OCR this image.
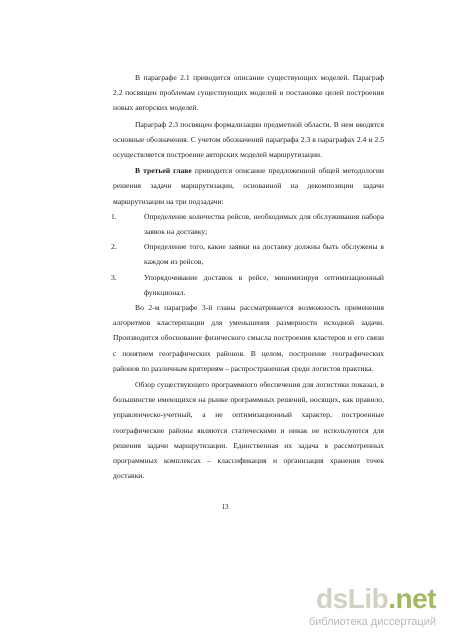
В параграфе 2.1 приводится описание существующих моделей. Параграф 2.2 посвящен проблемам существующих моделей и постановке целей построения новых авторских моделей.

Параграф 2.3 посвящен формализации предметной области. В нем вводятся основные обозначения. С учетом обозначений параграфа 2.3 в параграфах 2.4 и 2.5 осуществляется построение авторских моделей маршрутизации.

В третьей главе приводится описание предложенной общей методологии решения задачи маршрутизации, основанной на декомпозиции задачи маршрутизации на три подзадачи:

1.	Определение количества рейсов, необходимых для обслуживания набора заявок на доставку;
2.	Определение того, какие заявки на доставку должны быть обслужены в каждом из рейсов,
3.	Упорядочивание доставок в рейсе, минимизируя оптимизационный функционал.

Во 2-м параграфе 3-й главы рассматривается возможность применения алгоритмов кластеризации для уменьшения размерности исходной задачи. Производится обоснование физического смысла построения кластеров и его связи с понятием географических районов. В целом, построение географических районов по различным критериям – распространенная среди логистов практика.

Обзор существующего программного обеспечения для логистики показал, в большинстве имеющихся на рынке программных решений, носящих, как правило, управленческо-учетный, а не оптимизационный характер, построенные географические районы являются статическими и никак не используются для решения задачи маршрутизации. Единственная их задача в рассмотренных программных комплексах – классификация и организация хранения точек доставки.

13
dsLib.net
библиотека диссертаций
